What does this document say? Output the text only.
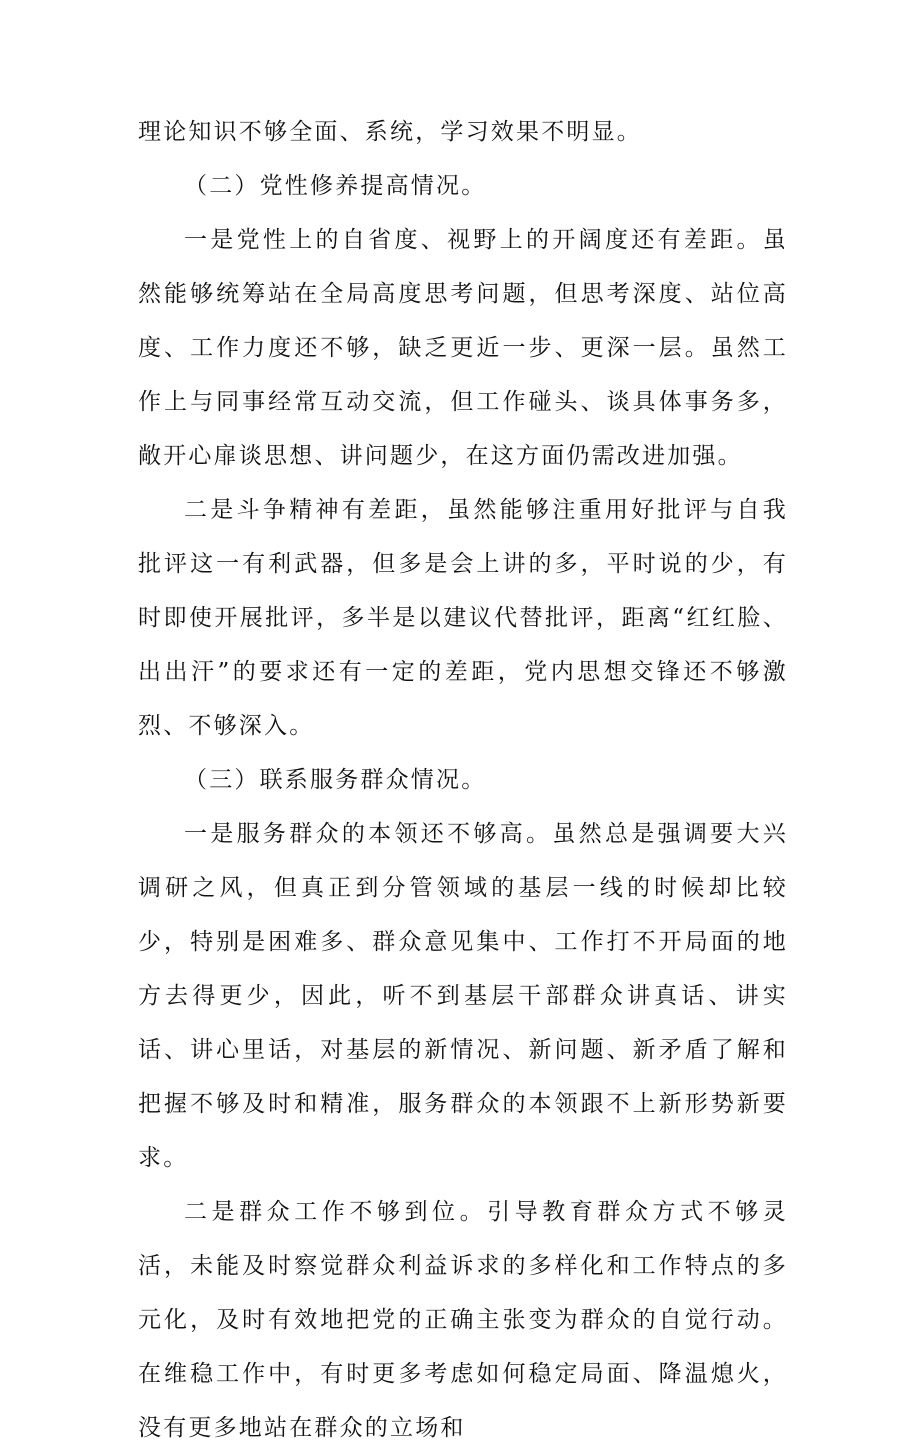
理论知识不够全面、系统，学习效果不明显。

（二）党性修养提高情况。

一是党性上的自省度、视野上的开阔度还有差距。虽然能够统筹站在全局高度思考问题，但思考深度、站位高度、工作力度还不够，缺乏更近一步、更深一层。虽然工作上与同事经常互动交流，但工作碰头、谈具体事务多，敞开心扉谈思想、讲问题少，在这方面仍需改进加强。

二是斗争精神有差距，虽然能够注重用好批评与自我批评这一有利武器，但多是会上讲的多，平时说的少，有时即使开展批评，多半是以建议代替批评，距离“红红脸、出出汗”的要求还有一定的差距，党内思想交锋还不够激烈、不够深入。

（三）联系服务群众情况。

一是服务群众的本领还不够高。虽然总是强调要大兴调研之风，但真正到分管领域的基层一线的时候却比较少，特别是困难多、群众意见集中、工作打不开局面的地方去得更少，因此，听不到基层干部群众讲真话、讲实话、讲心里话，对基层的新情况、新问题、新矛盾了解和把握不够及时和精准，服务群众的本领跟不上新形势新要求。

二是群众工作不够到位。引导教育群众方式不够灵活，未能及时察觉群众利益诉求的多样化和工作特点的多元化，及时有效地把党的正确主张变为群众的自觉行动。在维稳工作中，有时更多考虑如何稳定局面、降温熄火，没有更多地站在群众的立场和
